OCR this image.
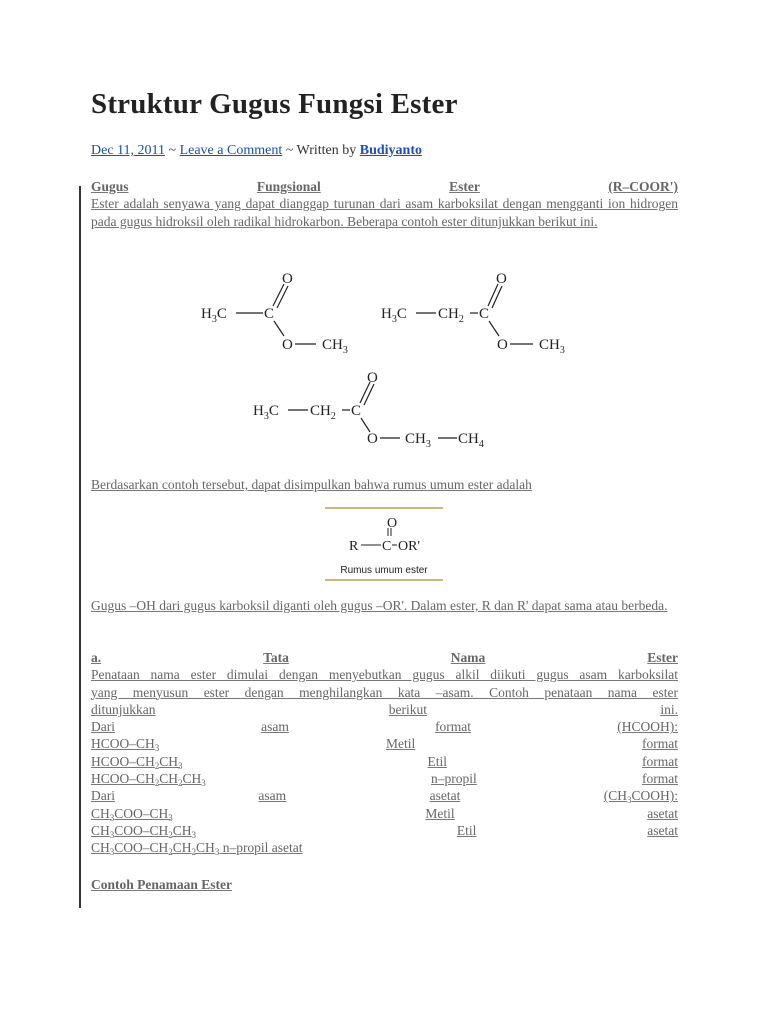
Struktur Gugus Fungsi Ester
Dec 11, 2011 ~ Leave a Comment ~ Written by Budiyanto
Gugus	Fungsional	Ester	(R–COOR')
Ester adalah senyawa yang dapat dianggap turunan dari asam karboksilat dengan mengganti ion hidrogen pada gugus hidroksil oleh radikal hidrokarbon. Beberapa contoh ester ditunjukkan berikut ini.
$H_3C$ C
O
O $CH_3$
$H_3C$ $CH_2$ C
O
O $CH_3$
$H_3C$ $CH_2$ C
O
O $CH_3$ $CH_4$
Berdasarkan contoh tersebut, dapat disimpulkan bahwa rumus umum ester adalah
O
R C OR'
Rumus umum ester
Gugus –OH dari gugus karboksil diganti oleh gugus –OR'. Dalam ester, R dan R' dapat sama atau berbeda.
a.	Tata	Nama	Ester
Penataan nama ester dimulai dengan menyebutkan gugus alkil diikuti gugus asam karboksilat
yang menyusun ester dengan menghilangkan kata –asam. Contoh penataan nama ester
ditunjukkan	berikut	ini.
Dari	asam	format	(HCOOH):
HCOO–$CH_3$	Metil	format
HCOO–$CH_2CH_3$	Etil	format
HCOO–$CH_2CH_2CH_3$	n–propil	format
Dari	asam	asetat	$(CH_3COOH)$:
$CH_3COO-CH_3$	Metil	asetat
$CH_3COO-CH_2CH_3$	Etil	asetat
$CH_3COO-CH_2CH_2CH_3$ n–propil asetat
Contoh Penamaan Ester
